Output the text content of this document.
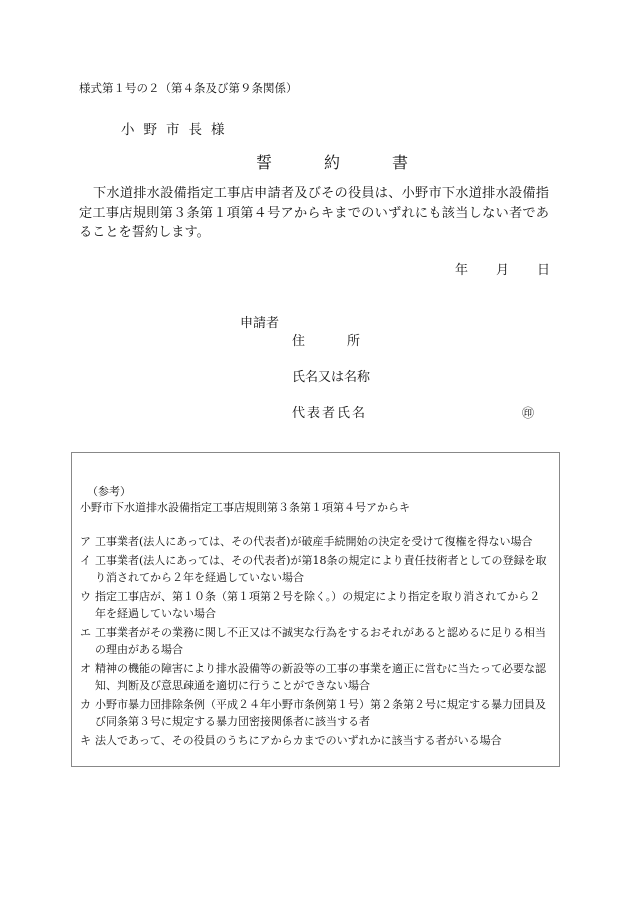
様式第１号の２（第４条及び第９条関係）
小野市長様
誓	約	書
下水道排水設備指定工事店申請者及びその役員は、小野市下水道排水設備指定工事店規則第３条第１項第４号アからキまでのいずれにも該当しない者であることを誓約します。
年 月 日
申請者
住	所
氏名又は名称
代表者氏名	㊞
（参考）
小野市下水道排水設備指定工事店規則第３条第１項第４号アからキ
ア 工事業者(法人にあっては、その代表者)が破産手続開始の決定を受けて復権を得ない場合
イ 工事業者(法人にあっては、その代表者)が第18条の規定により責任技術者としての登録を取り消されてから２年を経過していない場合
ウ 指定工事店が、第１０条（第１項第２号を除く。）の規定により指定を取り消されてから２年を経過していない場合
エ 工事業者がその業務に関し不正又は不誠実な行為をするおそれがあると認めるに足りる相当の理由がある場合
オ 精神の機能の障害により排水設備等の新設等の工事の事業を適正に営むに当たって必要な認知、判断及び意思疎通を適切に行うことができない場合
カ 小野市暴力団排除条例（平成２４年小野市条例第１号）第２条第２号に規定する暴力団員及び同条第３号に規定する暴力団密接関係者に該当する者
キ 法人であって、その役員のうちにアからカまでのいずれかに該当する者がいる場合
